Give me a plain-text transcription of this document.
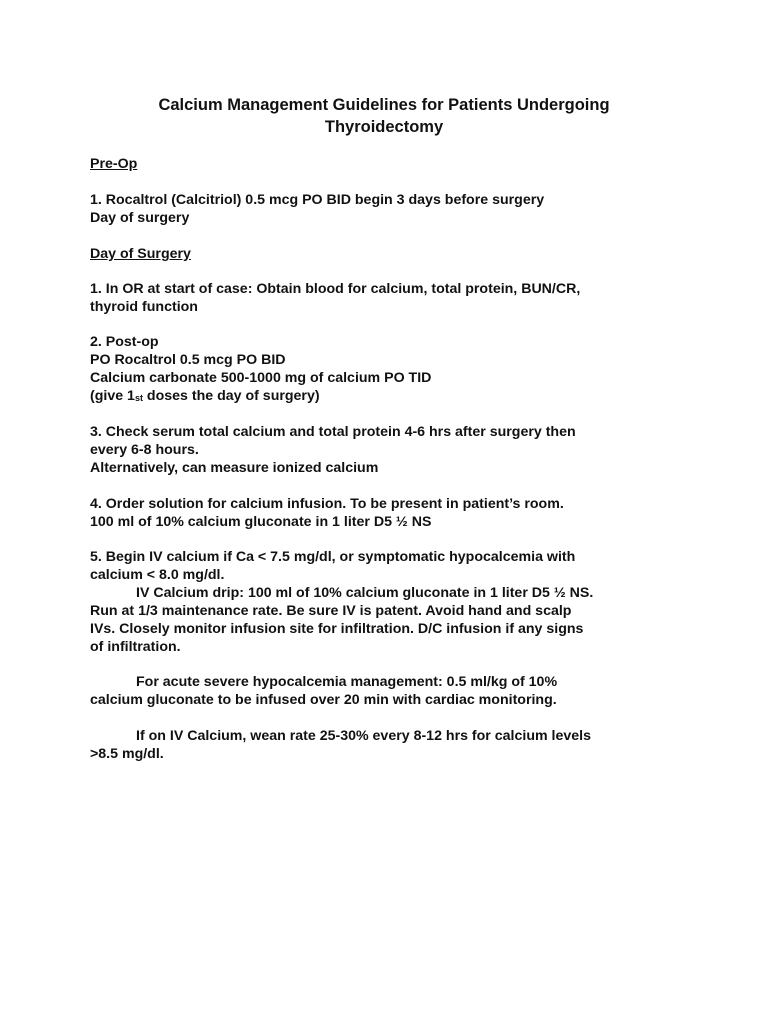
Calcium Management Guidelines for Patients Undergoing
Thyroidectomy
Pre-Op
1. Rocaltrol (Calcitriol) 0.5 mcg PO BID begin 3 days before surgery
Day of surgery
Day of Surgery
1. In OR at start of case: Obtain blood for calcium, total protein, BUN/CR,
thyroid function
2. Post-op
PO Rocaltrol 0.5 mcg PO BID
Calcium carbonate 500-1000 mg of calcium PO TID
(give 1st doses the day of surgery)
3. Check serum total calcium and total protein 4-6 hrs after surgery then
every 6-8 hours.
Alternatively, can measure ionized calcium
4. Order solution for calcium infusion. To be present in patient’s room.
100 ml of 10% calcium gluconate in 1 liter D5 ½ NS
5. Begin IV calcium if Ca < 7.5 mg/dl, or symptomatic hypocalcemia with
calcium < 8.0 mg/dl.
IV Calcium drip: 100 ml of 10% calcium gluconate in 1 liter D5 ½ NS.
Run at 1/3 maintenance rate. Be sure IV is patent. Avoid hand and scalp
IVs. Closely monitor infusion site for infiltration. D/C infusion if any signs
of infiltration.
For acute severe hypocalcemia management: 0.5 ml/kg of 10%
calcium gluconate to be infused over 20 min with cardiac monitoring.
If on IV Calcium, wean rate 25-30% every 8-12 hrs for calcium levels
>8.5 mg/dl.
